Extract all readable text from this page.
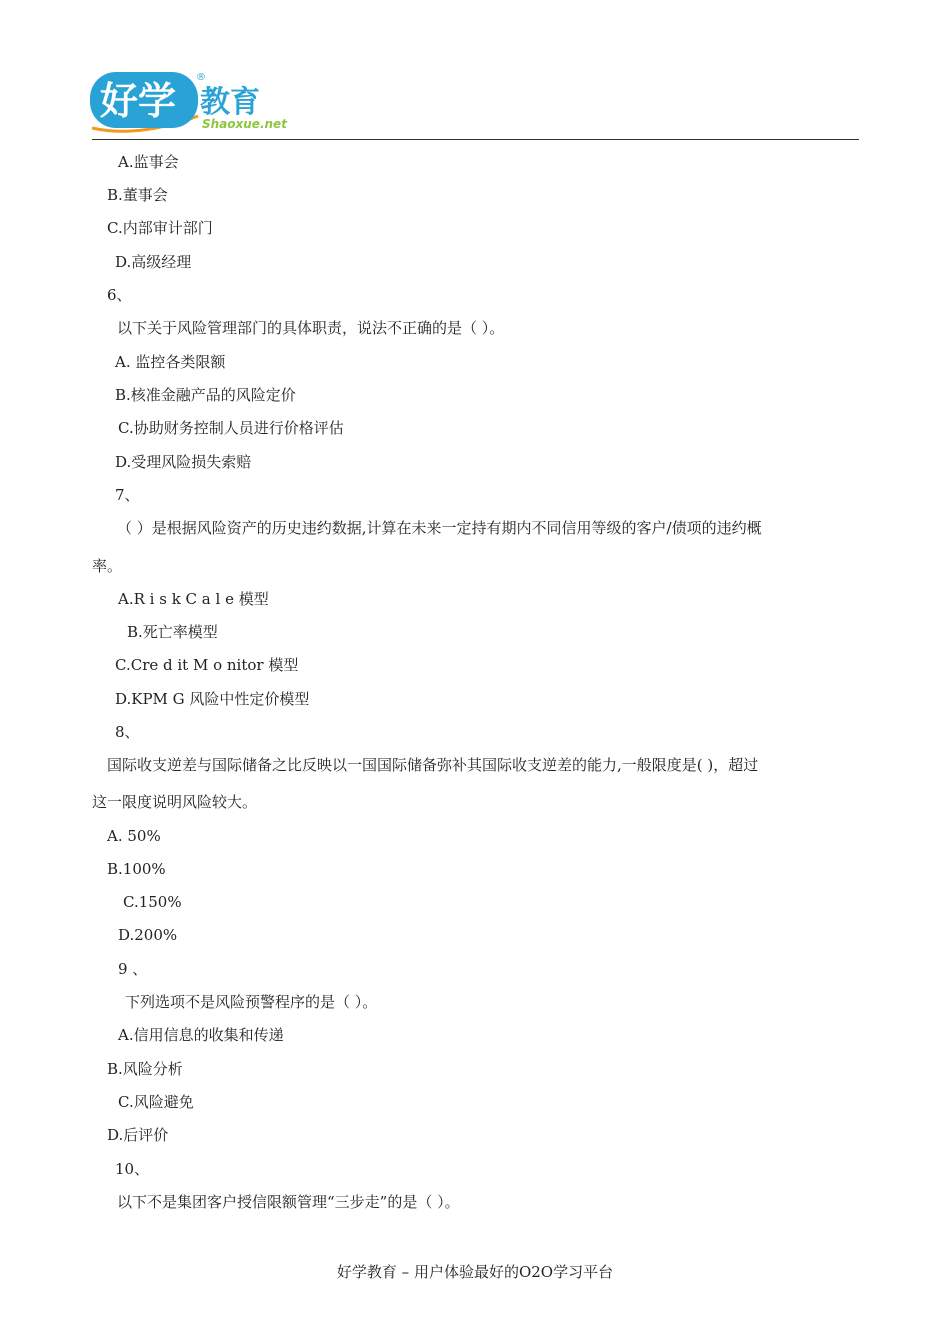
好学 教育
®
Shaoxue.net
A.监事会
B.董事会
C.内部审计部门
D.高级经理
6、
以下关于风险管理部门的具体职责，说法不正确的是（ ）。
A. 监控各类限额
B.核准金融产品的风险定价
C.协助财务控制人员进行价格评估
D.受理风险损失索赔
7、
（ ）是根据风险资产的历史违约数据,计算在未来一定持有期内不同信用等级的客户/债项的违约概
率。
A.R i s k C a l e 模型
B.死亡率模型
C.Cre d it M o nitor 模型
D.KPM G 风险中性定价模型
8、
国际收支逆差与国际储备之比反映以一国国际储备弥补其国际收支逆差的能力,一般限度是( )，超过
这一限度说明风险较大。
A. 50%
B.100%
C.150%
D.200%
9 、
下列选项不是风险预警程序的是（ ）。
A.信用信息的收集和传递
B.风险分析
C.风险避免
D.后评价
10、
以下不是集团客户授信限额管理“三步走”的是（ ）。
好学教育 – 用户体验最好的O2O学习平台
